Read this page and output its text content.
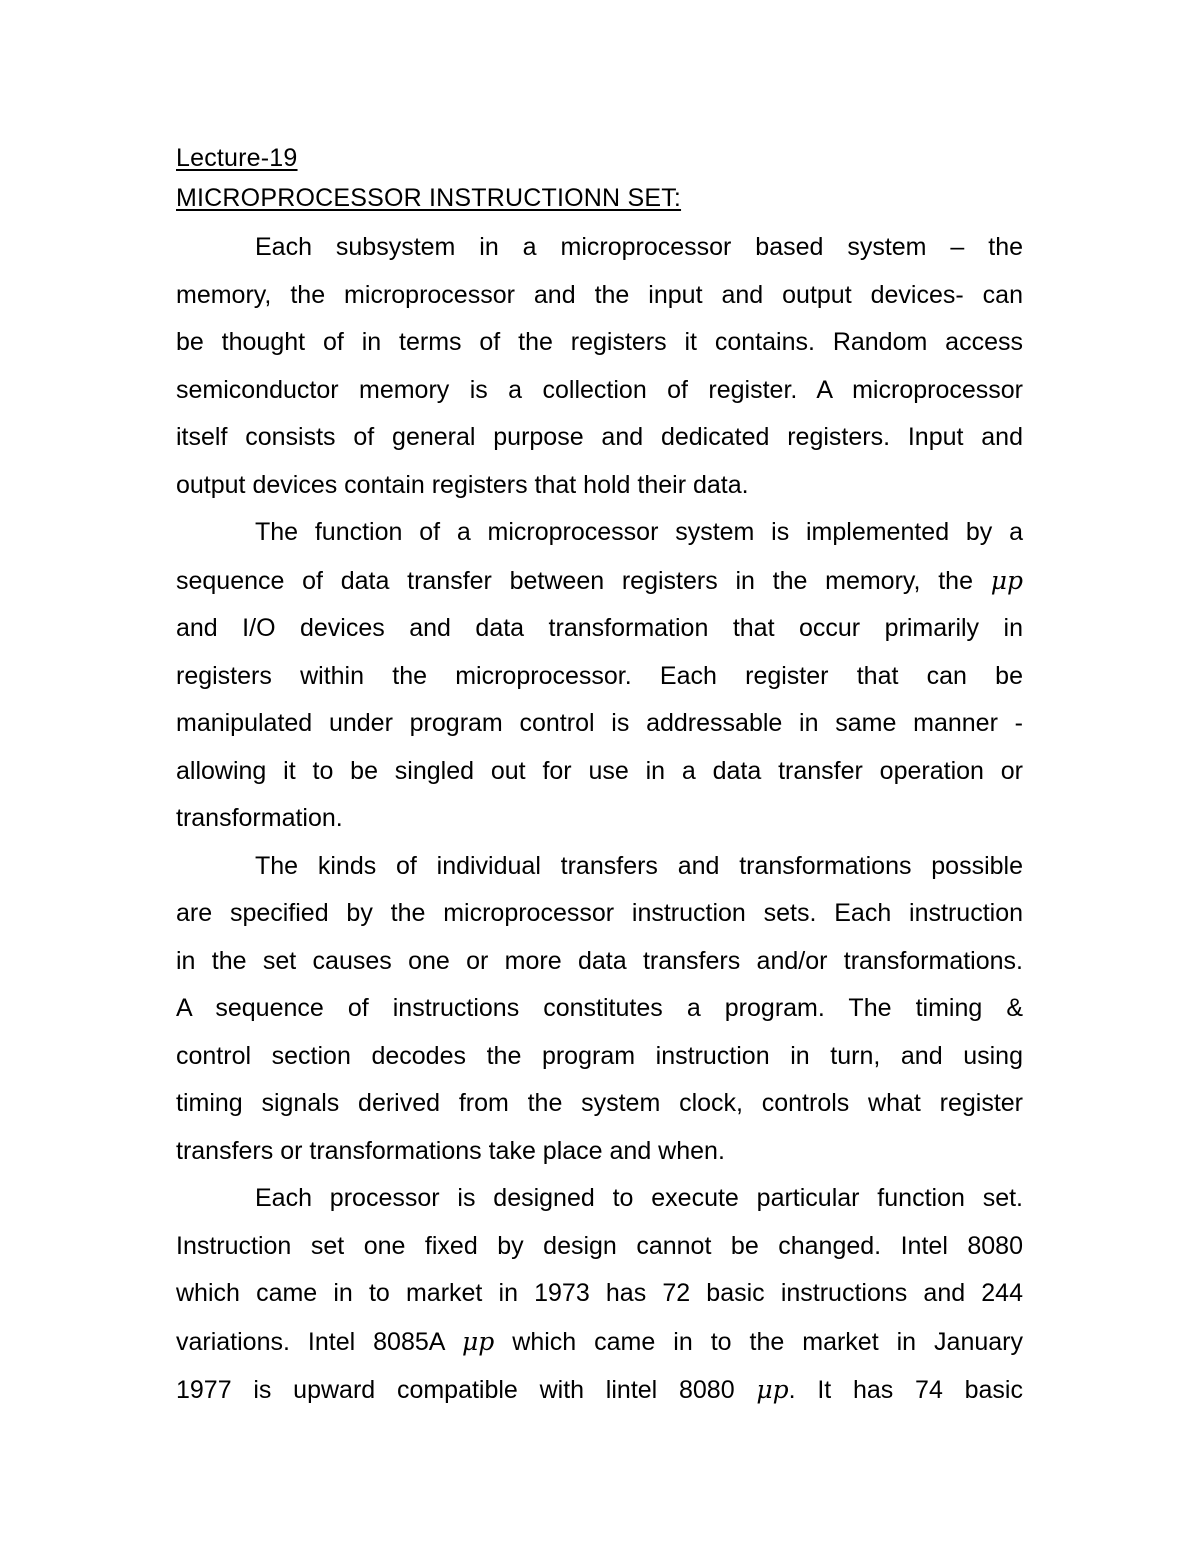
Lecture-19
MICROPROCESSOR INSTRUCTIONN SET:
Each subsystem in a microprocessor based system – the
memory, the microprocessor and the input and output devices- can
be thought of in terms of the registers it contains. Random access
semiconductor memory is a collection of register. A microprocessor
itself consists of general purpose and dedicated registers. Input and
output devices contain registers that hold their data.
The function of a microprocessor system is implemented by a
sequence of data transfer between registers in the memory, the μp
and I/O devices and data transformation that occur primarily in
registers within the microprocessor. Each register that can be
manipulated under program control is addressable in same manner -
allowing it to be singled out for use in a data transfer operation or
transformation.
The kinds of individual transfers and transformations possible
are specified by the microprocessor instruction sets. Each instruction
in the set causes one or more data transfers and/or transformations.
A sequence of instructions constitutes a program. The timing &
control section decodes the program instruction in turn, and using
timing signals derived from the system clock, controls what register
transfers or transformations take place and when.
Each processor is designed to execute particular function set.
Instruction set one fixed by design cannot be changed. Intel 8080
which came in to market in 1973 has 72 basic instructions and 244
variations. Intel 8085A μp which came in to the market in January
1977 is upward compatible with lintel 8080 μp. It has 74 basic
